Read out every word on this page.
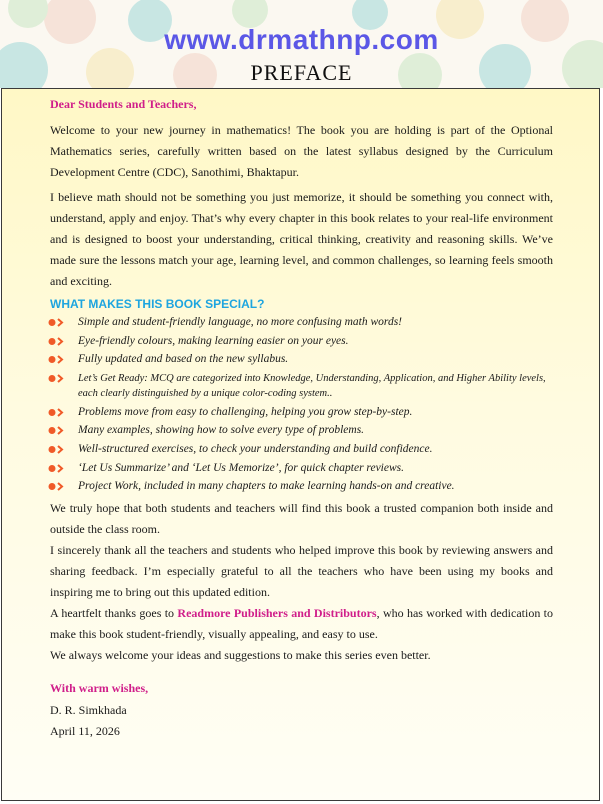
www.drmathnp.com
PREFACE
Dear Students and Teachers,

Welcome to your new journey in mathematics! The book you are holding is part of the Optional Mathematics series, carefully written based on the latest syllabus designed by the Curriculum Development Centre (CDC), Sanothimi, Bhaktapur.

I believe math should not be something you just memorize, it should be something you connect with, understand, apply and enjoy. That’s why every chapter in this book relates to your real-life environment and is designed to boost your understanding, critical thinking, creativity and reasoning skills. We’ve made sure the lessons match your age, learning level, and common challenges, so learning feels smooth and exciting.

WHAT MAKES THIS BOOK SPECIAL?
Simple and student-friendly language, no more confusing math words!
Eye-friendly colours, making learning easier on your eyes.
Fully updated and based on the new syllabus.
Let’s Get Ready: MCQ are categorized into Knowledge, Understanding, Application, and Higher Ability levels, each clearly distinguished by a unique color-coding system..
Problems move from easy to challenging, helping you grow step-by-step.
Many examples, showing how to solve every type of problems.
Well-structured exercises, to check your understanding and build confidence.
‘Let Us Summarize’ and ‘Let Us Memorize’, for quick chapter reviews.
Project Work, included in many chapters to make learning hands-on and creative.

We truly hope that both students and teachers will find this book a trusted companion both inside and outside the class room.

I sincerely thank all the teachers and students who helped improve this book by reviewing answers and sharing feedback. I’m especially grateful to all the teachers who have been using my books and inspiring me to bring out this updated edition.

A heartfelt thanks goes to Readmore Publishers and Distributors, who has worked with dedication to make this book student-friendly, visually appealing, and easy to use.

We always welcome your ideas and suggestions to make this series even better.

With warm wishes,
D. R. Simkhada
April 11, 2026
